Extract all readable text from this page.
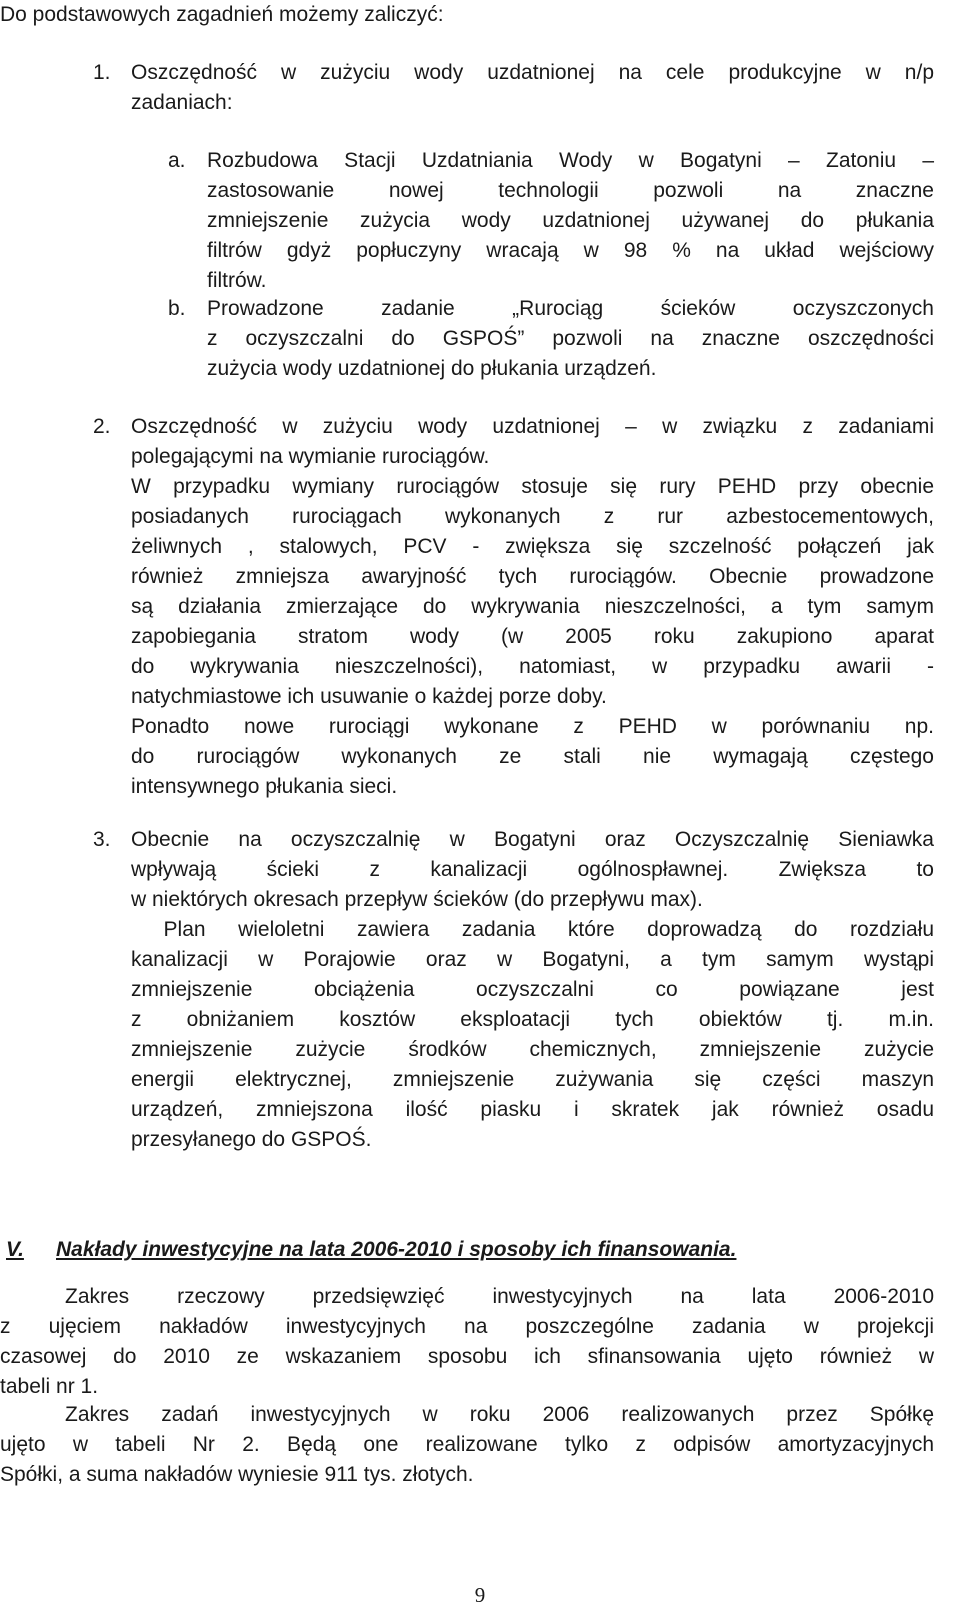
Do podstawowych zagadnień możemy zaliczyć:
1. Oszczędność w zużyciu wody uzdatnionej na cele produkcyjne w n/p
zadaniach:
a. Rozbudowa Stacji Uzdatniania Wody w Bogatyni – Zatoniu –
zastosowanie nowej technologii pozwoli na znaczne
zmniejszenie zużycia wody uzdatnionej używanej do płukania
filtrów gdyż popłuczyny wracają w 98 % na układ wejściowy
filtrów.
b. Prowadzone zadanie „Rurociąg ścieków oczyszczonych
z oczyszczalni do GSPOŚ” pozwoli na znaczne oszczędności
zużycia wody uzdatnionej do płukania urządzeń.
2. Oszczędność w zużyciu wody uzdatnionej – w związku z zadaniami
polegającymi na wymianie rurociągów.
W przypadku wymiany rurociągów stosuje się rury PEHD przy obecnie
posiadanych rurociągach wykonanych z rur azbestocementowych,
żeliwnych , stalowych, PCV - zwiększa się szczelność połączeń jak
również zmniejsza awaryjność tych rurociągów. Obecnie prowadzone
są działania zmierzające do wykrywania nieszczelności, a tym samym
zapobiegania stratom wody (w 2005 roku zakupiono aparat
do wykrywania nieszczelności), natomiast, w przypadku awarii -
natychmiastowe ich usuwanie o każdej porze doby.
Ponadto nowe rurociągi wykonane z PEHD w porównaniu np.
do rurociągów wykonanych ze stali nie wymagają częstego
intensywnego płukania sieci.
3. Obecnie na oczyszczalnię w Bogatyni oraz Oczyszczalnię Sieniawka
wpływają ścieki z kanalizacji ogólnospławnej. Zwiększa to
w niektórych okresach przepływ ścieków (do przepływu max).
Plan wieloletni zawiera zadania które doprowadzą do rozdziału
kanalizacji w Porajowie oraz w Bogatyni, a tym samym wystąpi
zmniejszenie obciążenia oczyszczalni co powiązane jest
z obniżaniem kosztów eksploatacji tych obiektów tj. m.in.
zmniejszenie zużycie środków chemicznych, zmniejszenie zużycie
energii elektrycznej, zmniejszenie zużywania się części maszyn
urządzeń, zmniejszona ilość piasku i skratek jak również osadu
przesyłanego do GSPOŚ.
V. Nakłady inwestycyjne na lata 2006-2010 i sposoby ich finansowania.
Zakres rzeczowy przedsięwzięć inwestycyjnych na lata 2006-2010
z ujęciem nakładów inwestycyjnych na poszczególne zadania w projekcji
czasowej do 2010 ze wskazaniem sposobu ich sfinansowania ujęto również w
tabeli nr 1.
Zakres zadań inwestycyjnych w roku 2006 realizowanych przez Spółkę
ujęto w tabeli Nr 2. Będą one realizowane tylko z odpisów amortyzacyjnych
Spółki, a suma nakładów wyniesie 911 tys. złotych.
9
